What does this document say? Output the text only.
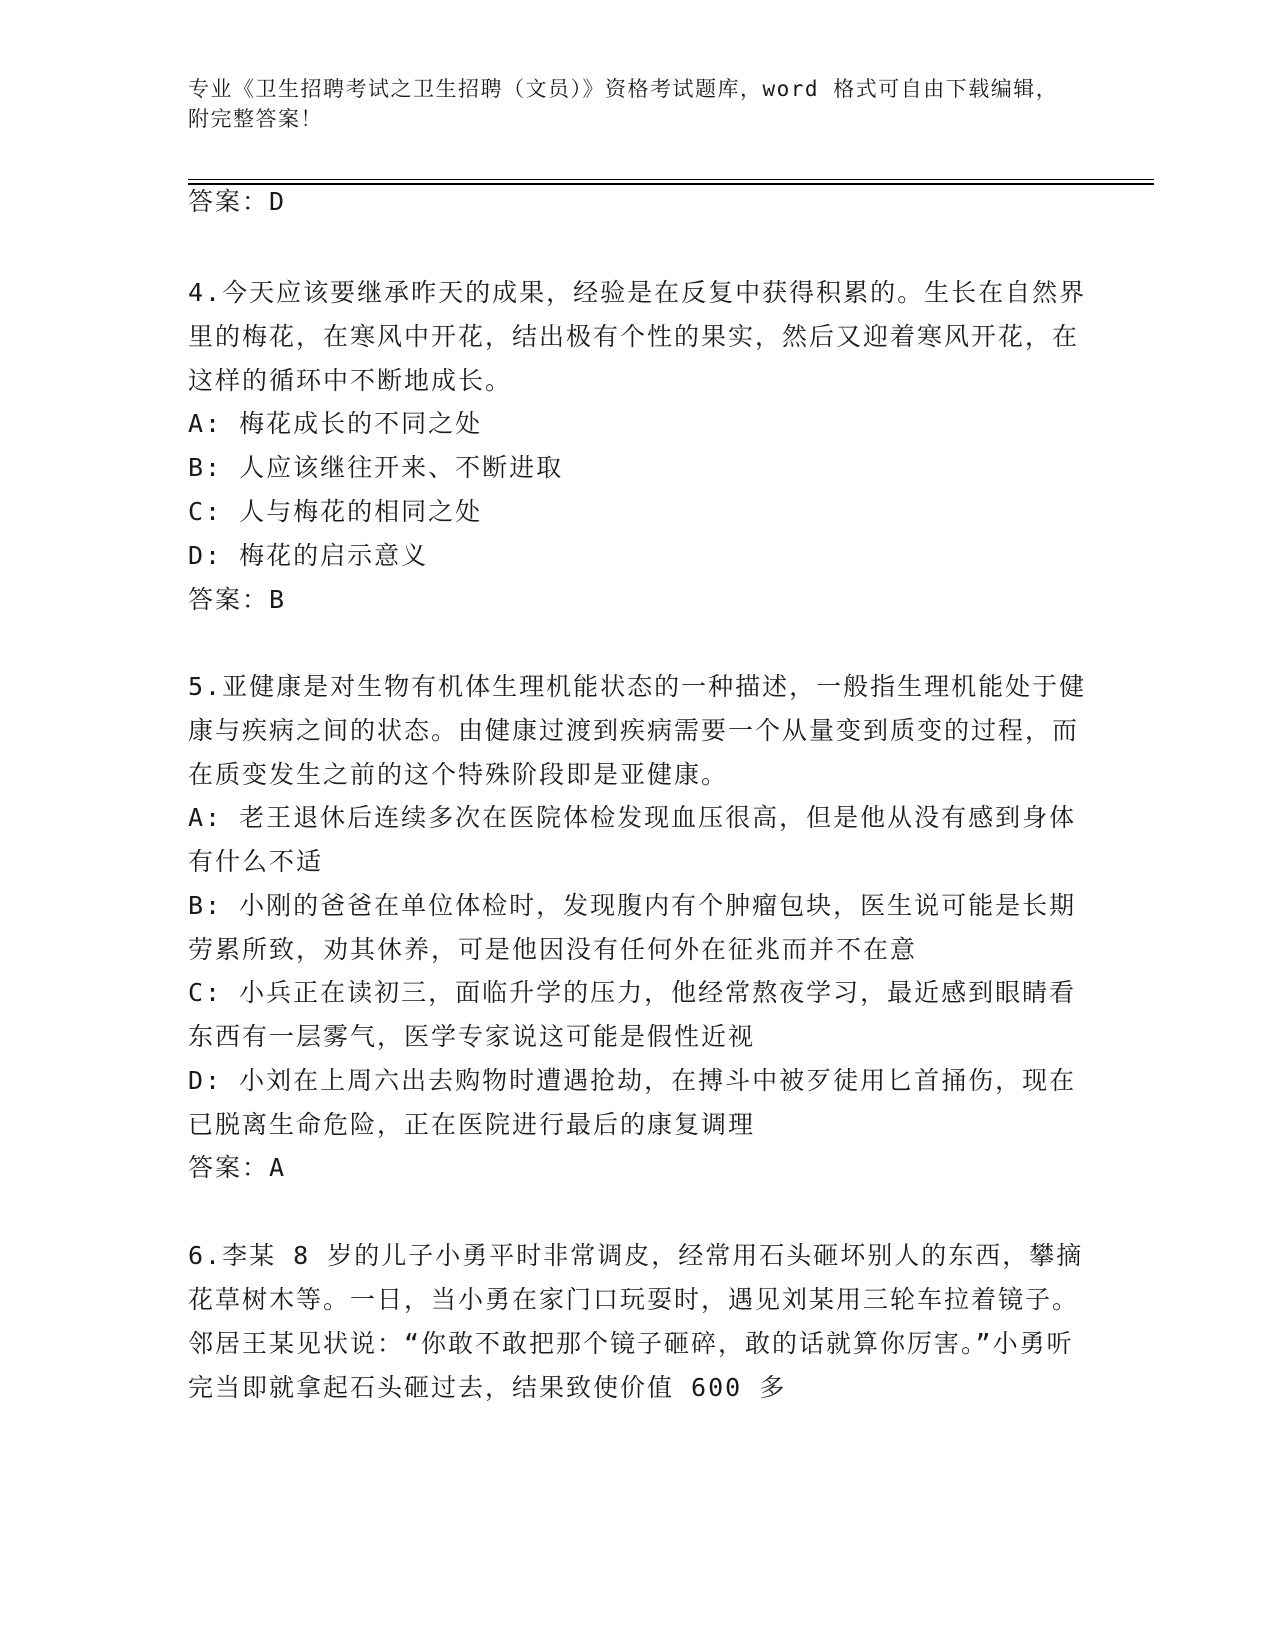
专业《卫生招聘考试之卫生招聘（文员）》资格考试题库，word 格式可自由下载编辑，附完整答案！
答案：D
4.今天应该要继承昨天的成果，经验是在反复中获得积累的。生长在自然界里的梅花，在寒风中开花，结出极有个性的果实，然后又迎着寒风开花，在这样的循环中不断地成长。
A: 梅花成长的不同之处
B: 人应该继往开来、不断进取
C: 人与梅花的相同之处
D: 梅花的启示意义
答案：B
5.亚健康是对生物有机体生理机能状态的一种描述，一般指生理机能处于健康与疾病之间的状态。由健康过渡到疾病需要一个从量变到质变的过程，而在质变发生之前的这个特殊阶段即是亚健康。
A: 老王退休后连续多次在医院体检发现血压很高，但是他从没有感到身体有什么不适
B: 小刚的爸爸在单位体检时，发现腹内有个肿瘤包块，医生说可能是长期劳累所致，劝其休养，可是他因没有任何外在征兆而并不在意
C: 小兵正在读初三，面临升学的压力，他经常熬夜学习，最近感到眼睛看东西有一层雾气，医学专家说这可能是假性近视
D: 小刘在上周六出去购物时遭遇抢劫，在搏斗中被歹徒用匕首捅伤，现在已脱离生命危险，正在医院进行最后的康复调理
答案：A
6.李某 8 岁的儿子小勇平时非常调皮，经常用石头砸坏别人的东西，攀摘花草树木等。一日，当小勇在家门口玩耍时，遇见刘某用三轮车拉着镜子。邻居王某见状说：“你敢不敢把那个镜子砸碎，敢的话就算你厉害。”小勇听完当即就拿起石头砸过去，结果致使价值 600 多
